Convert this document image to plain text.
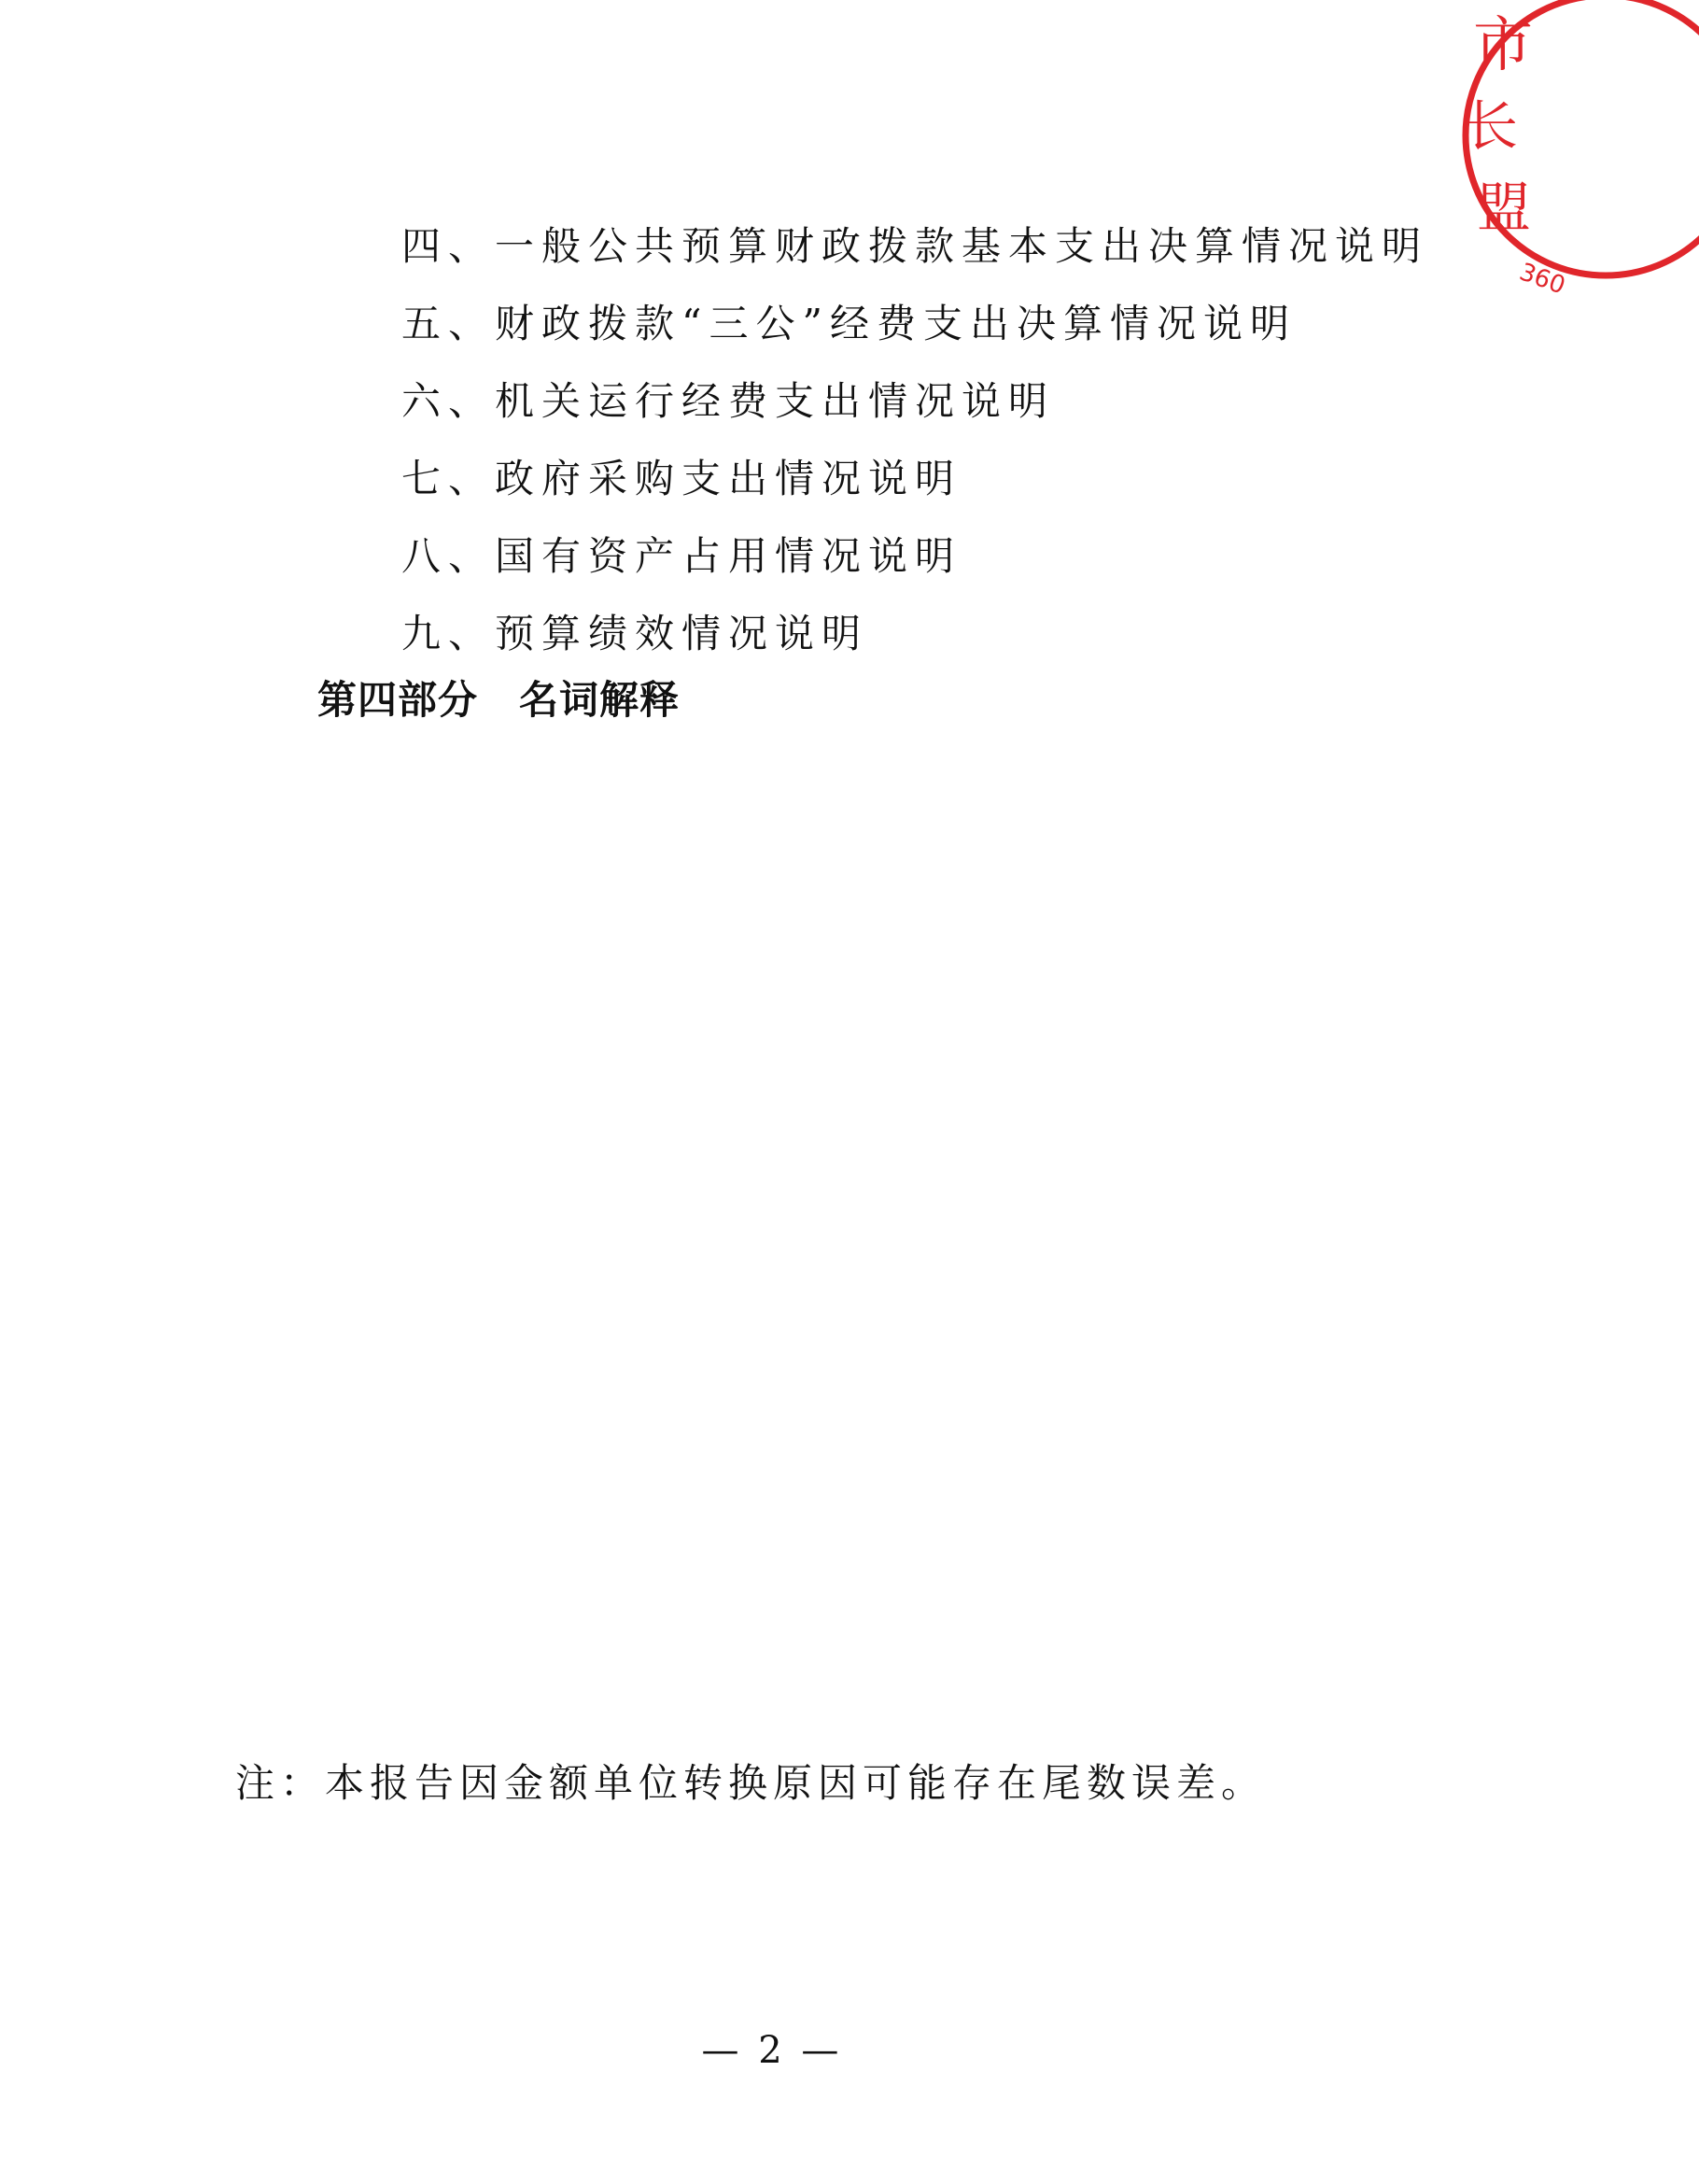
四、一般公共预算财政拨款基本支出决算情况说明
五、财政拨款“三公”经费支出决算情况说明
六、机关运行经费支出情况说明
七、政府采购支出情况说明
八、国有资产占用情况说明
九、预算绩效情况说明
第四部分 名词解释
注：本报告因金额单位转换原因可能存在尾数误差。
— 2 —
市
长
盟
360
